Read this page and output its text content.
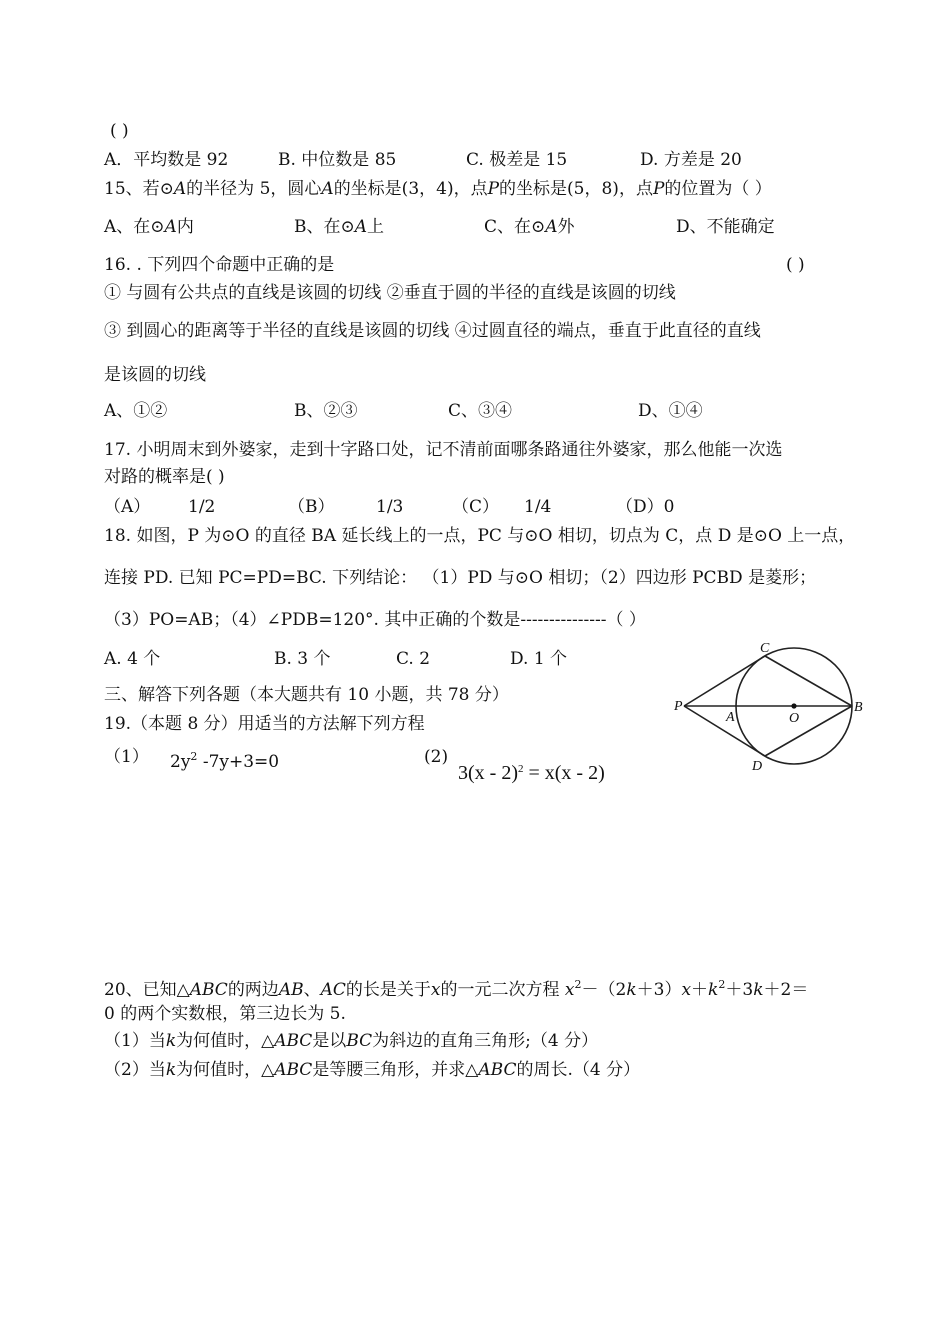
( )
A．平均数是 92	B. 中位数是 85	C. 极差是 15	D. 方差是 20
15、若⊙A的半径为 5，圆心A的坐标是(3，4)，点P的坐标是(5，8)，点P的位置为（ ）
A、在⊙A内	B、在⊙A上	C、在⊙A外	D、不能确定
16. . 下列四个命题中正确的是	( )
① 与圆有公共点的直线是该圆的切线 ②垂直于圆的半径的直线是该圆的切线
③ 到圆心的距离等于半径的直线是该圆的切线 ④过圆直径的端点，垂直于此直径的直线
是该圆的切线
A、①②	B、②③	C、③④	D、①④
17. 小明周末到外婆家，走到十字路口处，记不清前面哪条路通往外婆家，那么他能一次选
对路的概率是( )
（A） 1/2	（B） 1/3	（C） 1/4	（D）0
18. 如图，P 为⊙O 的直径 BA 延长线上的一点，PC 与⊙O 相切，切点为 C，点 D 是⊙O 上一点，
连接 PD. 已知 PC=PD=BC. 下列结论： （1）PD 与⊙O 相切；（2）四边形 PCBD 是菱形；
（3）PO=AB；（4）∠PDB=120°. 其中正确的个数是---------------（ ）
A. 4 个	B. 3 个	C. 2	D. 1 个
P
A	O
B
C
D
三、解答下列各题（本大题共有 10 小题，共 78 分）
19.（本题 8 分）用适当的方法解下列方程
（1） $2y^2$ -7y+3=0	(2)
3(x - 2)$^2$ = x(x - 2)
20、已知△ABC的两边AB、AC的长是关于x的一元二次方程 $x^2-(2k+3)x+k^2+3k+2=$
0 的两个实数根，第三边长为 5.
（1）当k为何值时，△ABC是以BC为斜边的直角三角形;（4 分）
（2）当k为何值时，△ABC是等腰三角形，并求△ABC的周长.（4 分）
